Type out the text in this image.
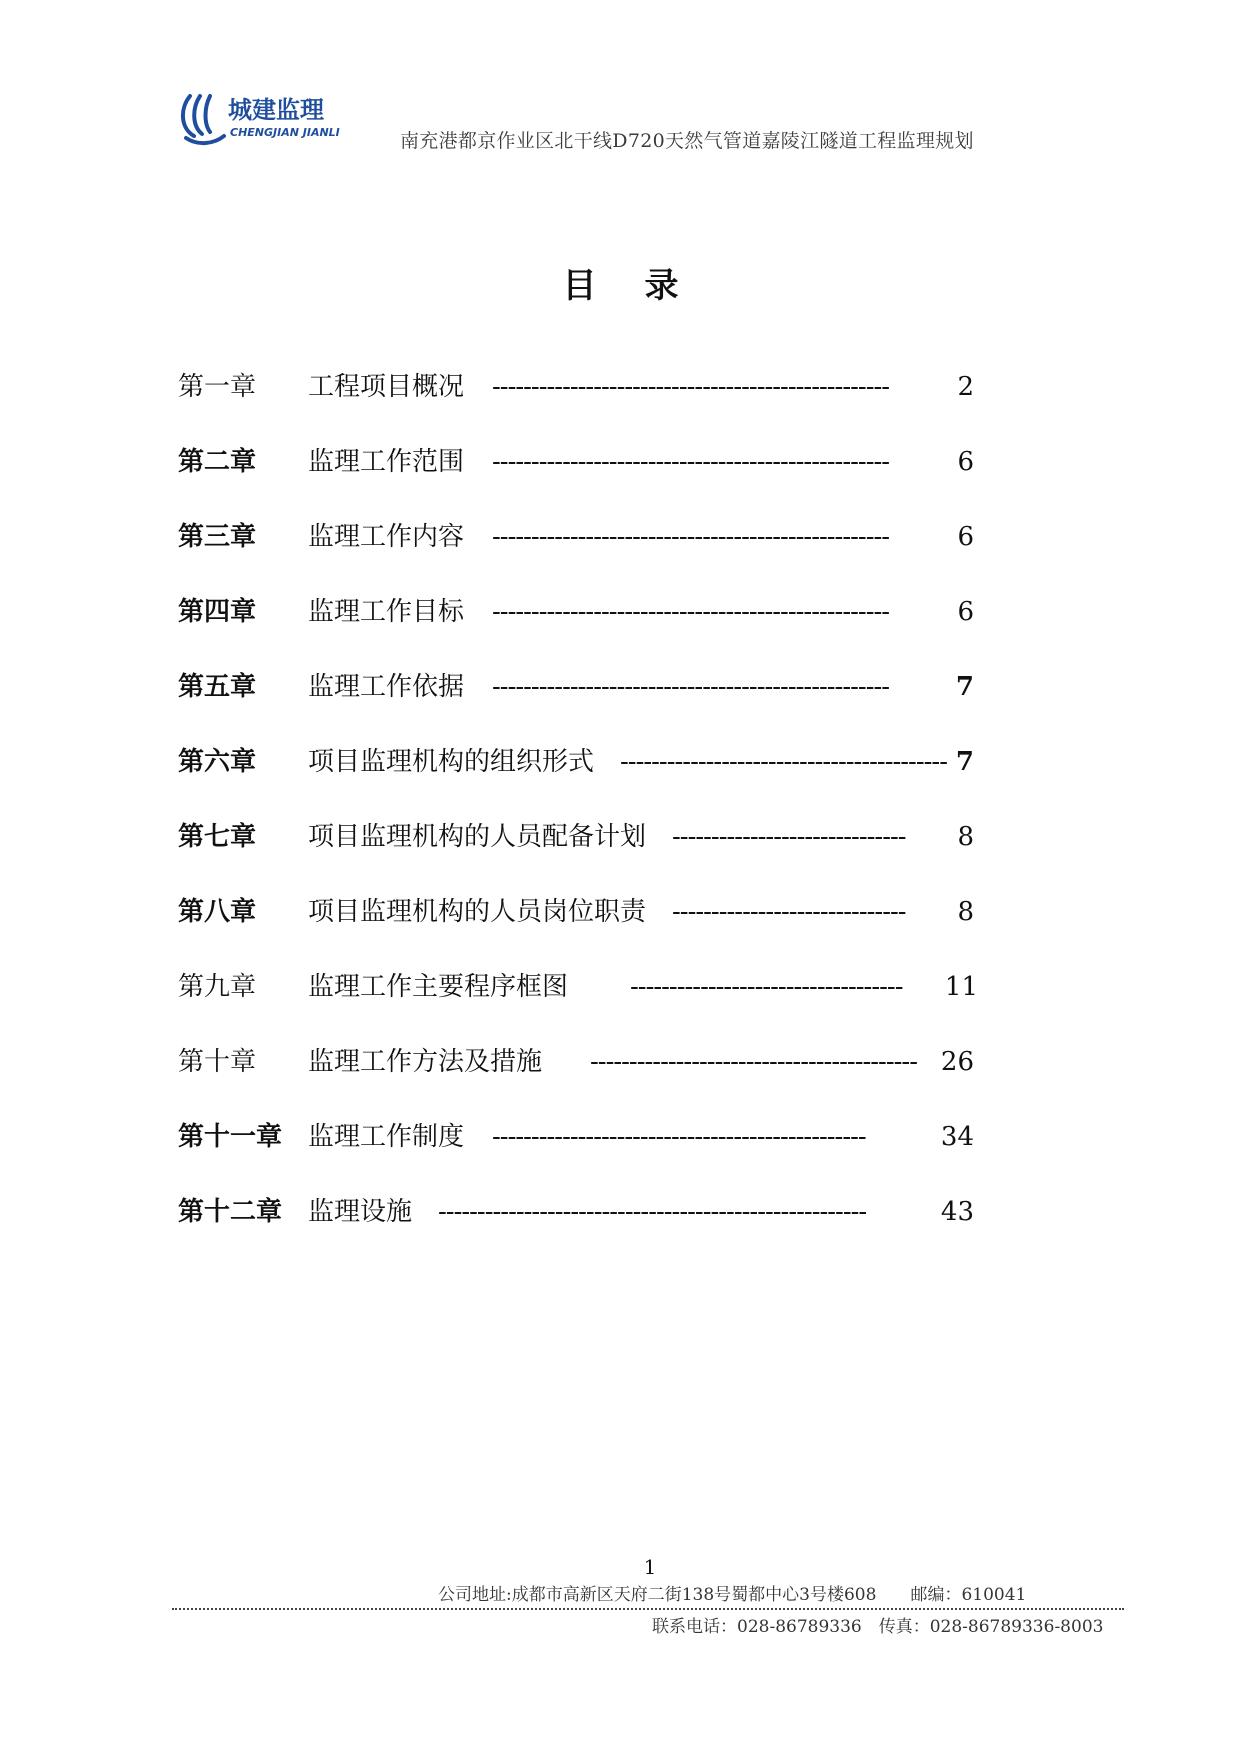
城建监理
CHENGJIAN JIANLI	南充港都京作业区北干线D720天然气管道嘉陵江隧道工程监理规划
目录
第一章 工程项目概况 ---------------------------------------------------	2
第二章 监理工作范围 ---------------------------------------------------	6
第三章 监理工作内容 ---------------------------------------------------	6
第四章 监理工作目标 ---------------------------------------------------	6
第五章 监理工作依据 ---------------------------------------------------	7
第六章 项目监理机构的组织形式 ------------------------------------------ 7
第七章 项目监理机构的人员配备计划 ------------------------------	8
第八章 项目监理机构的人员岗位职责 ------------------------------	8
第九章 监理工作主要程序框图 -----------------------------------	11
第十章 监理工作方法及措施 ------------------------------------------ 26
第十一章 监理工作制度 ------------------------------------------------	34
第十二章 监理设施 -------------------------------------------------------	43
1
公司地址:成都市高新区天府二街138号蜀都中心3号楼608　　邮编：610041
联系电话：028-86789336　传真：028-86789336-8003
